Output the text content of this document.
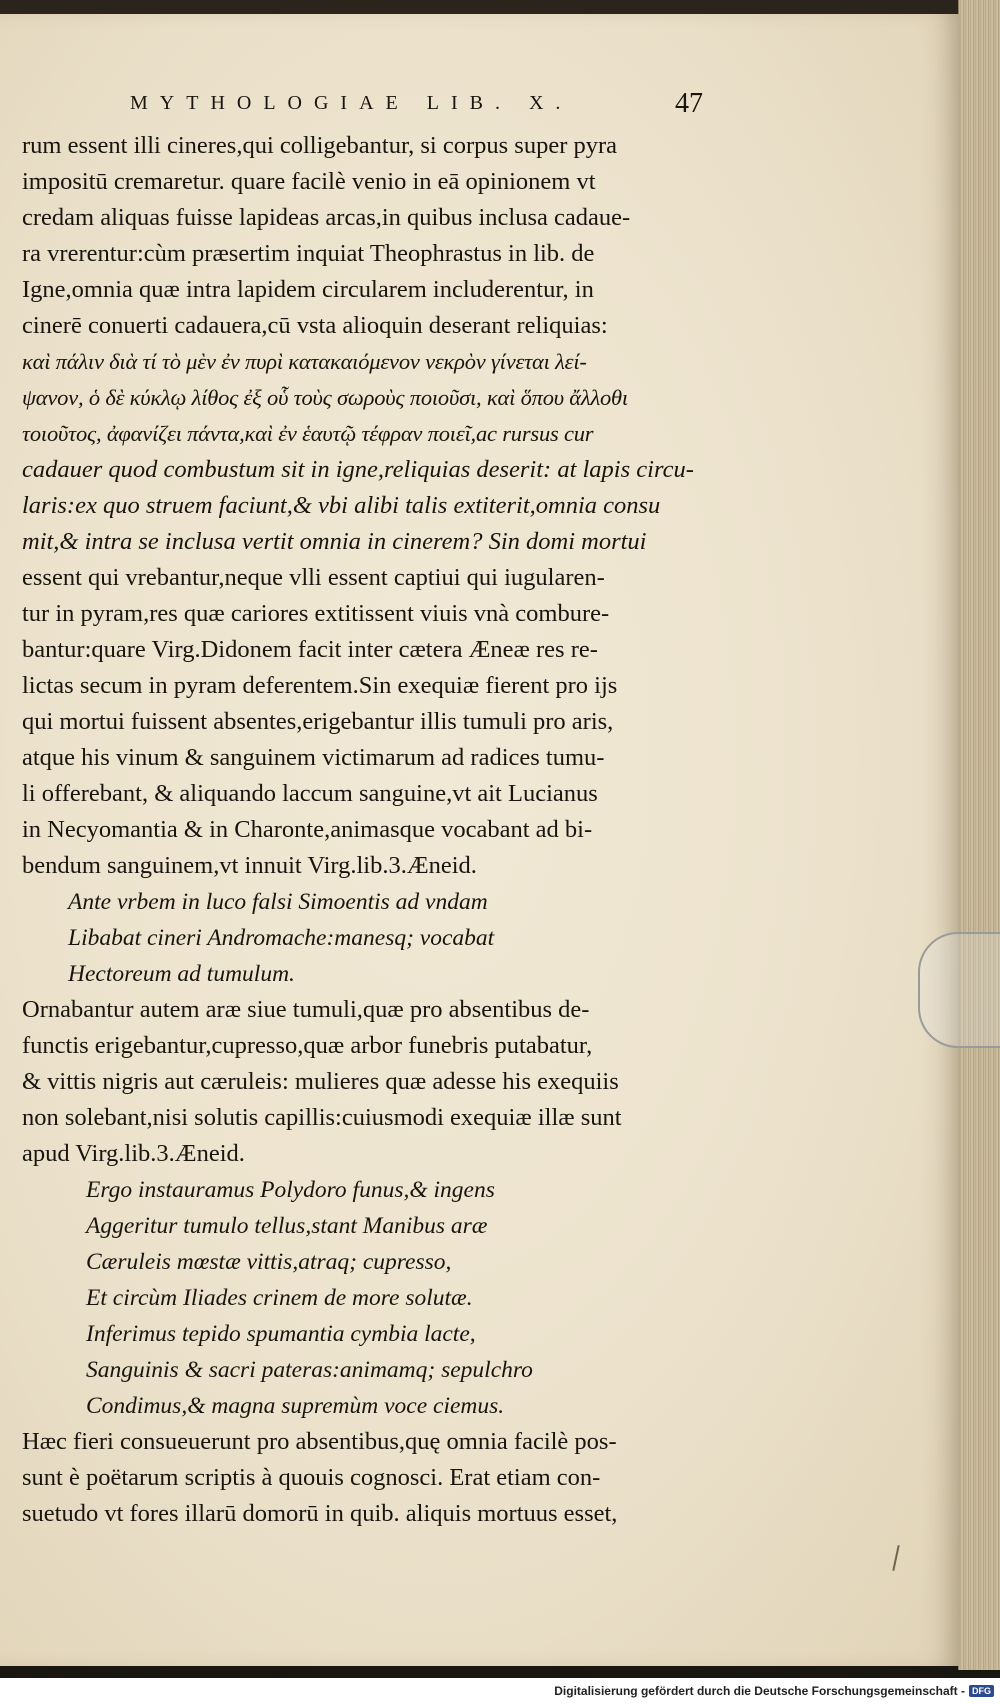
MYTHOLOGIAE LIB. X.	47
rum essent illi cineres,qui colligebantur, si corpus super pyra
impositū cremaretur. quare facilè venio in eā opinionem vt
credam aliquas fuisse lapideas arcas,in quibus inclusa cadaue-
ra vrerentur:cùm præsertim inquiat Theophrastus in lib. de
Igne,omnia quæ intra lapidem circularem includerentur, in
cinerē conuerti cadauera,cū vsta alioquin deserant reliquias:
καὶ πάλιν διὰ τί τὸ μὲν ἐν πυρὶ κατακαιόμενον νεκρὸν γίνεται λεί-
ψανον, ὁ δὲ κύκλῳ λίθος ἐξ οὗ τοὺς σωροὺς ποιοῦσι, καὶ ὅπου ἄλλοθι
τοιοῦτος, ἀφανίζει πάντα,καὶ ἐν ἑαυτῷ τέφραν ποιεῖ,ac rursus cur
cadauer quod combustum sit in igne,reliquias deserit: at lapis circu-
laris:ex quo struem faciunt,& vbi alibi talis extiterit,omnia consu
mit,& intra se inclusa vertit omnia in cinerem? Sin domi mortui
essent qui vrebantur,neque vlli essent captiui qui iugularen-
tur in pyram,res quæ cariores extitissent viuis vnà combure-
bantur:quare Virg.Didonem facit inter cætera Æneæ res re-
lictas secum in pyram deferentem.Sin exequiæ fierent pro ijs
qui mortui fuissent absentes,erigebantur illis tumuli pro aris,
atque his vinum & sanguinem victimarum ad radices tumu-
li offerebant, & aliquando laccum sanguine,vt ait Lucianus
in Necyomantia & in Charonte,animasque vocabant ad bi-
bendum sanguinem,vt innuit Virg.lib.3.Æneid.
Ante vrbem in luco falsi Simoentis ad vndam
Libabat cineri Andromache:manesq; vocabat
Hectoreum ad tumulum.
Ornabantur autem aræ siue tumuli,quæ pro absentibus de-
functis erigebantur,cupresso,quæ arbor funebris putabatur,
& vittis nigris aut cæruleis: mulieres quæ adesse his exequiis
non solebant,nisi solutis capillis:cuiusmodi exequiæ illæ sunt
apud Virg.lib.3.Æneid.
Ergo instauramus Polydoro funus,& ingens
Aggeritur tumulo tellus,stant Manibus aræ
Cæruleis mœstæ vittis,atraq; cupresso,
Et circùm Iliades crinem de more solutæ.
Inferimus tepido spumantia cymbia lacte,
Sanguinis & sacri pateras:animamq; sepulchro
Condimus,& magna supremùm voce ciemus.
Hæc fieri consueuerunt pro absentibus,quę omnia facilè pos-
sunt è poëtarum scriptis à quouis cognosci. Erat etiam con-
suetudo vt fores illarū domorū in quib. aliquis mortuus esset,
Digitalisierung gefördert durch die Deutsche Forschungsgemeinschaft - DFG
